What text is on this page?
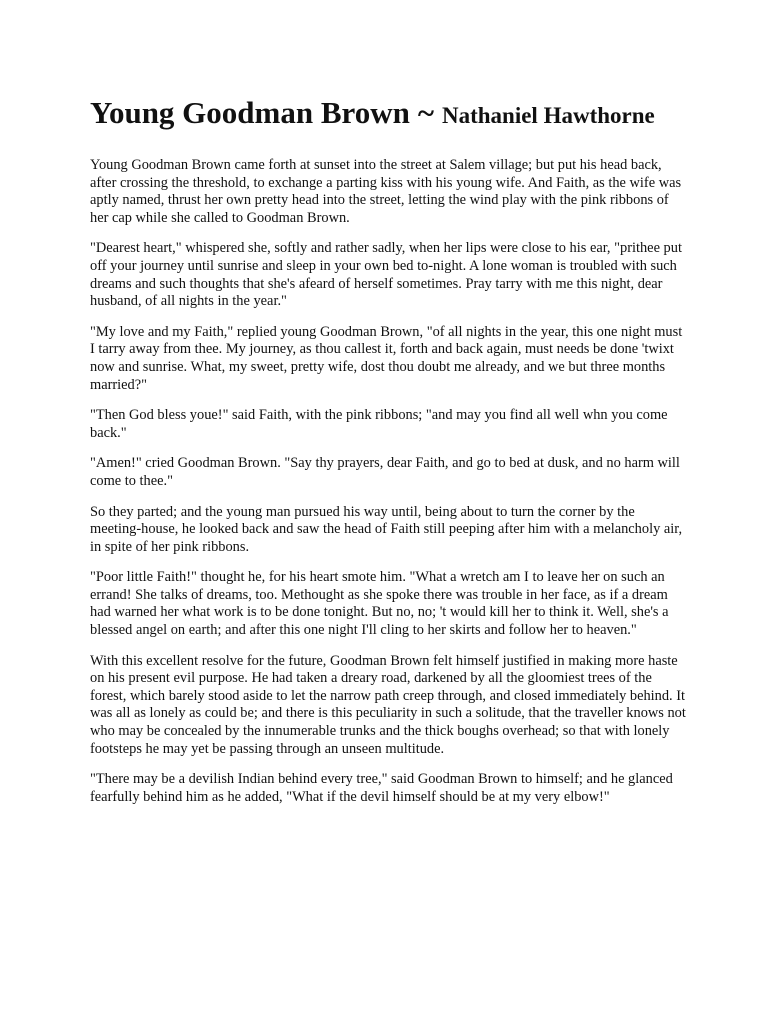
Young Goodman Brown ~ Nathaniel Hawthorne

Young Goodman Brown came forth at sunset into the street at Salem village; but put his head back, after crossing the threshold, to exchange a parting kiss with his young wife. And Faith, as the wife was aptly named, thrust her own pretty head into the street, letting the wind play with the pink ribbons of her cap while she called to Goodman Brown.

"Dearest heart," whispered she, softly and rather sadly, when her lips were close to his ear, "prithee put off your journey until sunrise and sleep in your own bed to-night. A lone woman is troubled with such dreams and such thoughts that she's afeard of herself sometimes. Pray tarry with me this night, dear husband, of all nights in the year."

"My love and my Faith," replied young Goodman Brown, "of all nights in the year, this one night must I tarry away from thee. My journey, as thou callest it, forth and back again, must needs be done 'twixt now and sunrise. What, my sweet, pretty wife, dost thou doubt me already, and we but three months married?"

"Then God bless youe!" said Faith, with the pink ribbons; "and may you find all well whn you come back."

"Amen!" cried Goodman Brown. "Say thy prayers, dear Faith, and go to bed at dusk, and no harm will come to thee."

So they parted; and the young man pursued his way until, being about to turn the corner by the meeting-house, he looked back and saw the head of Faith still peeping after him with a melancholy air, in spite of her pink ribbons.

"Poor little Faith!" thought he, for his heart smote him. "What a wretch am I to leave her on such an errand! She talks of dreams, too. Methought as she spoke there was trouble in her face, as if a dream had warned her what work is to be done tonight. But no, no; 't would kill her to think it. Well, she's a blessed angel on earth; and after this one night I'll cling to her skirts and follow her to heaven."

With this excellent resolve for the future, Goodman Brown felt himself justified in making more haste on his present evil purpose. He had taken a dreary road, darkened by all the gloomiest trees of the forest, which barely stood aside to let the narrow path creep through, and closed immediately behind. It was all as lonely as could be; and there is this peculiarity in such a solitude, that the traveller knows not who may be concealed by the innumerable trunks and the thick boughs overhead; so that with lonely footsteps he may yet be passing through an unseen multitude.

"There may be a devilish Indian behind every tree," said Goodman Brown to himself; and he glanced fearfully behind him as he added, "What if the devil himself should be at my very elbow!"
